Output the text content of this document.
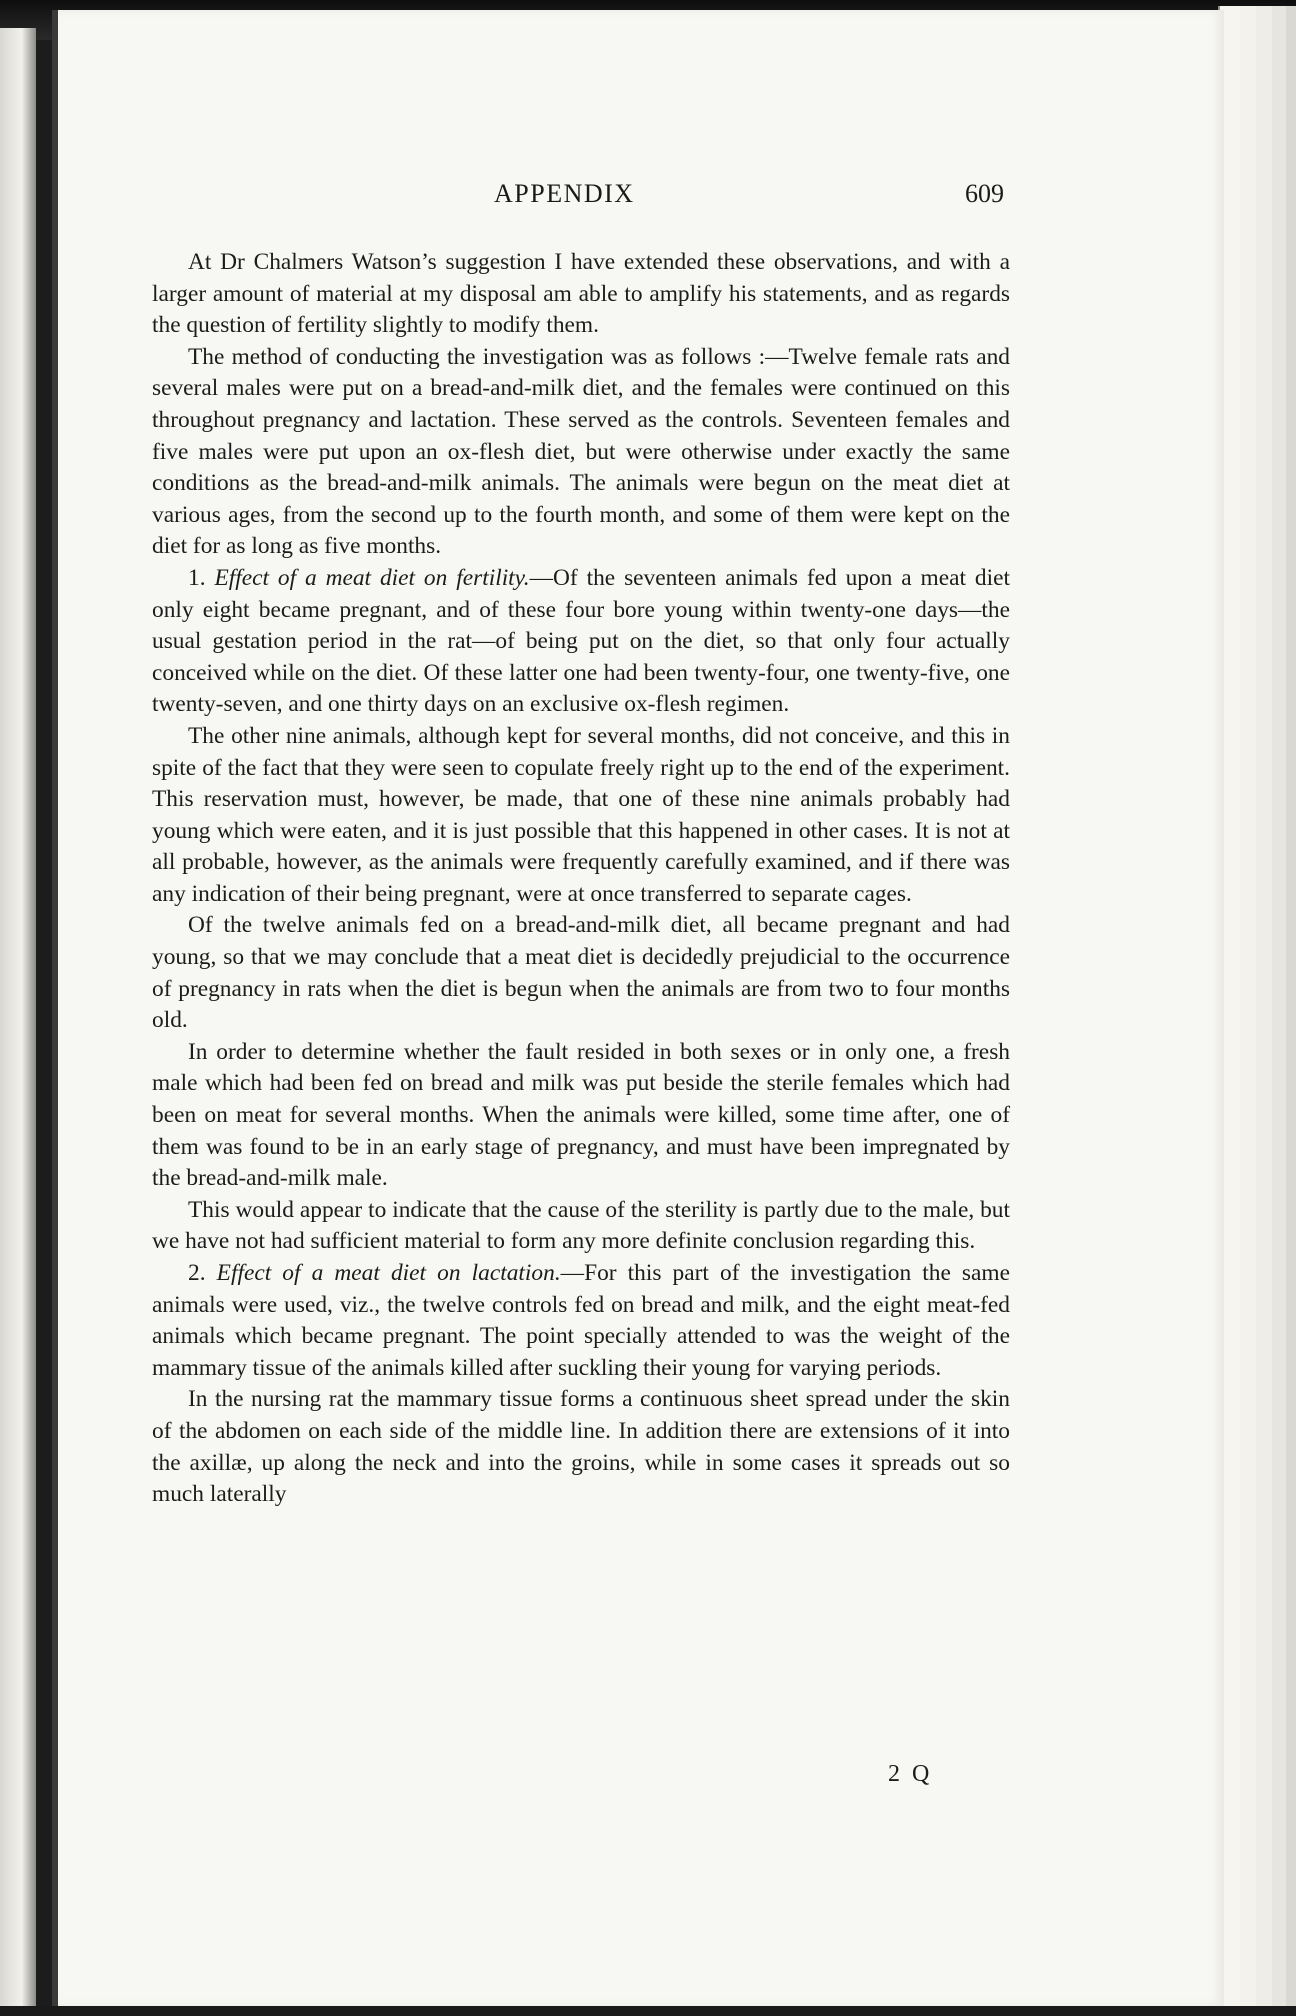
APPENDIX	609

At Dr Chalmers Watson’s suggestion I have extended these observations, and with a larger amount of material at my disposal am able to amplify his statements, and as regards the question of fertility slightly to modify them.

The method of conducting the investigation was as follows :—Twelve female rats and several males were put on a bread-and-milk diet, and the females were continued on this throughout pregnancy and lactation. These served as the controls. Seventeen females and five males were put upon an ox-flesh diet, but were otherwise under exactly the same conditions as the bread-and-milk animals. The animals were begun on the meat diet at various ages, from the second up to the fourth month, and some of them were kept on the diet for as long as five months.

1. Effect of a meat diet on fertility.—Of the seventeen animals fed upon a meat diet only eight became pregnant, and of these four bore young within twenty-one days—the usual gestation period in the rat—of being put on the diet, so that only four actually conceived while on the diet. Of these latter one had been twenty-four, one twenty-five, one twenty-seven, and one thirty days on an exclusive ox-flesh regimen.

The other nine animals, although kept for several months, did not conceive, and this in spite of the fact that they were seen to copulate freely right up to the end of the experiment. This reservation must, however, be made, that one of these nine animals probably had young which were eaten, and it is just possible that this happened in other cases. It is not at all probable, however, as the animals were frequently carefully examined, and if there was any indication of their being pregnant, were at once transferred to separate cages.

Of the twelve animals fed on a bread-and-milk diet, all became pregnant and had young, so that we may conclude that a meat diet is decidedly prejudicial to the occurrence of pregnancy in rats when the diet is begun when the animals are from two to four months old.

In order to determine whether the fault resided in both sexes or in only one, a fresh male which had been fed on bread and milk was put beside the sterile females which had been on meat for several months. When the animals were killed, some time after, one of them was found to be in an early stage of pregnancy, and must have been impregnated by the bread-and-milk male.

This would appear to indicate that the cause of the sterility is partly due to the male, but we have not had sufficient material to form any more definite conclusion regarding this.

2. Effect of a meat diet on lactation.—For this part of the investigation the same animals were used, viz., the twelve controls fed on bread and milk, and the eight meat-fed animals which became pregnant. The point specially attended to was the weight of the mammary tissue of the animals killed after suckling their young for varying periods.

In the nursing rat the mammary tissue forms a continuous sheet spread under the skin of the abdomen on each side of the middle line. In addition there are extensions of it into the axillæ, up along the neck and into the groins, while in some cases it spreads out so much laterally

2 Q
